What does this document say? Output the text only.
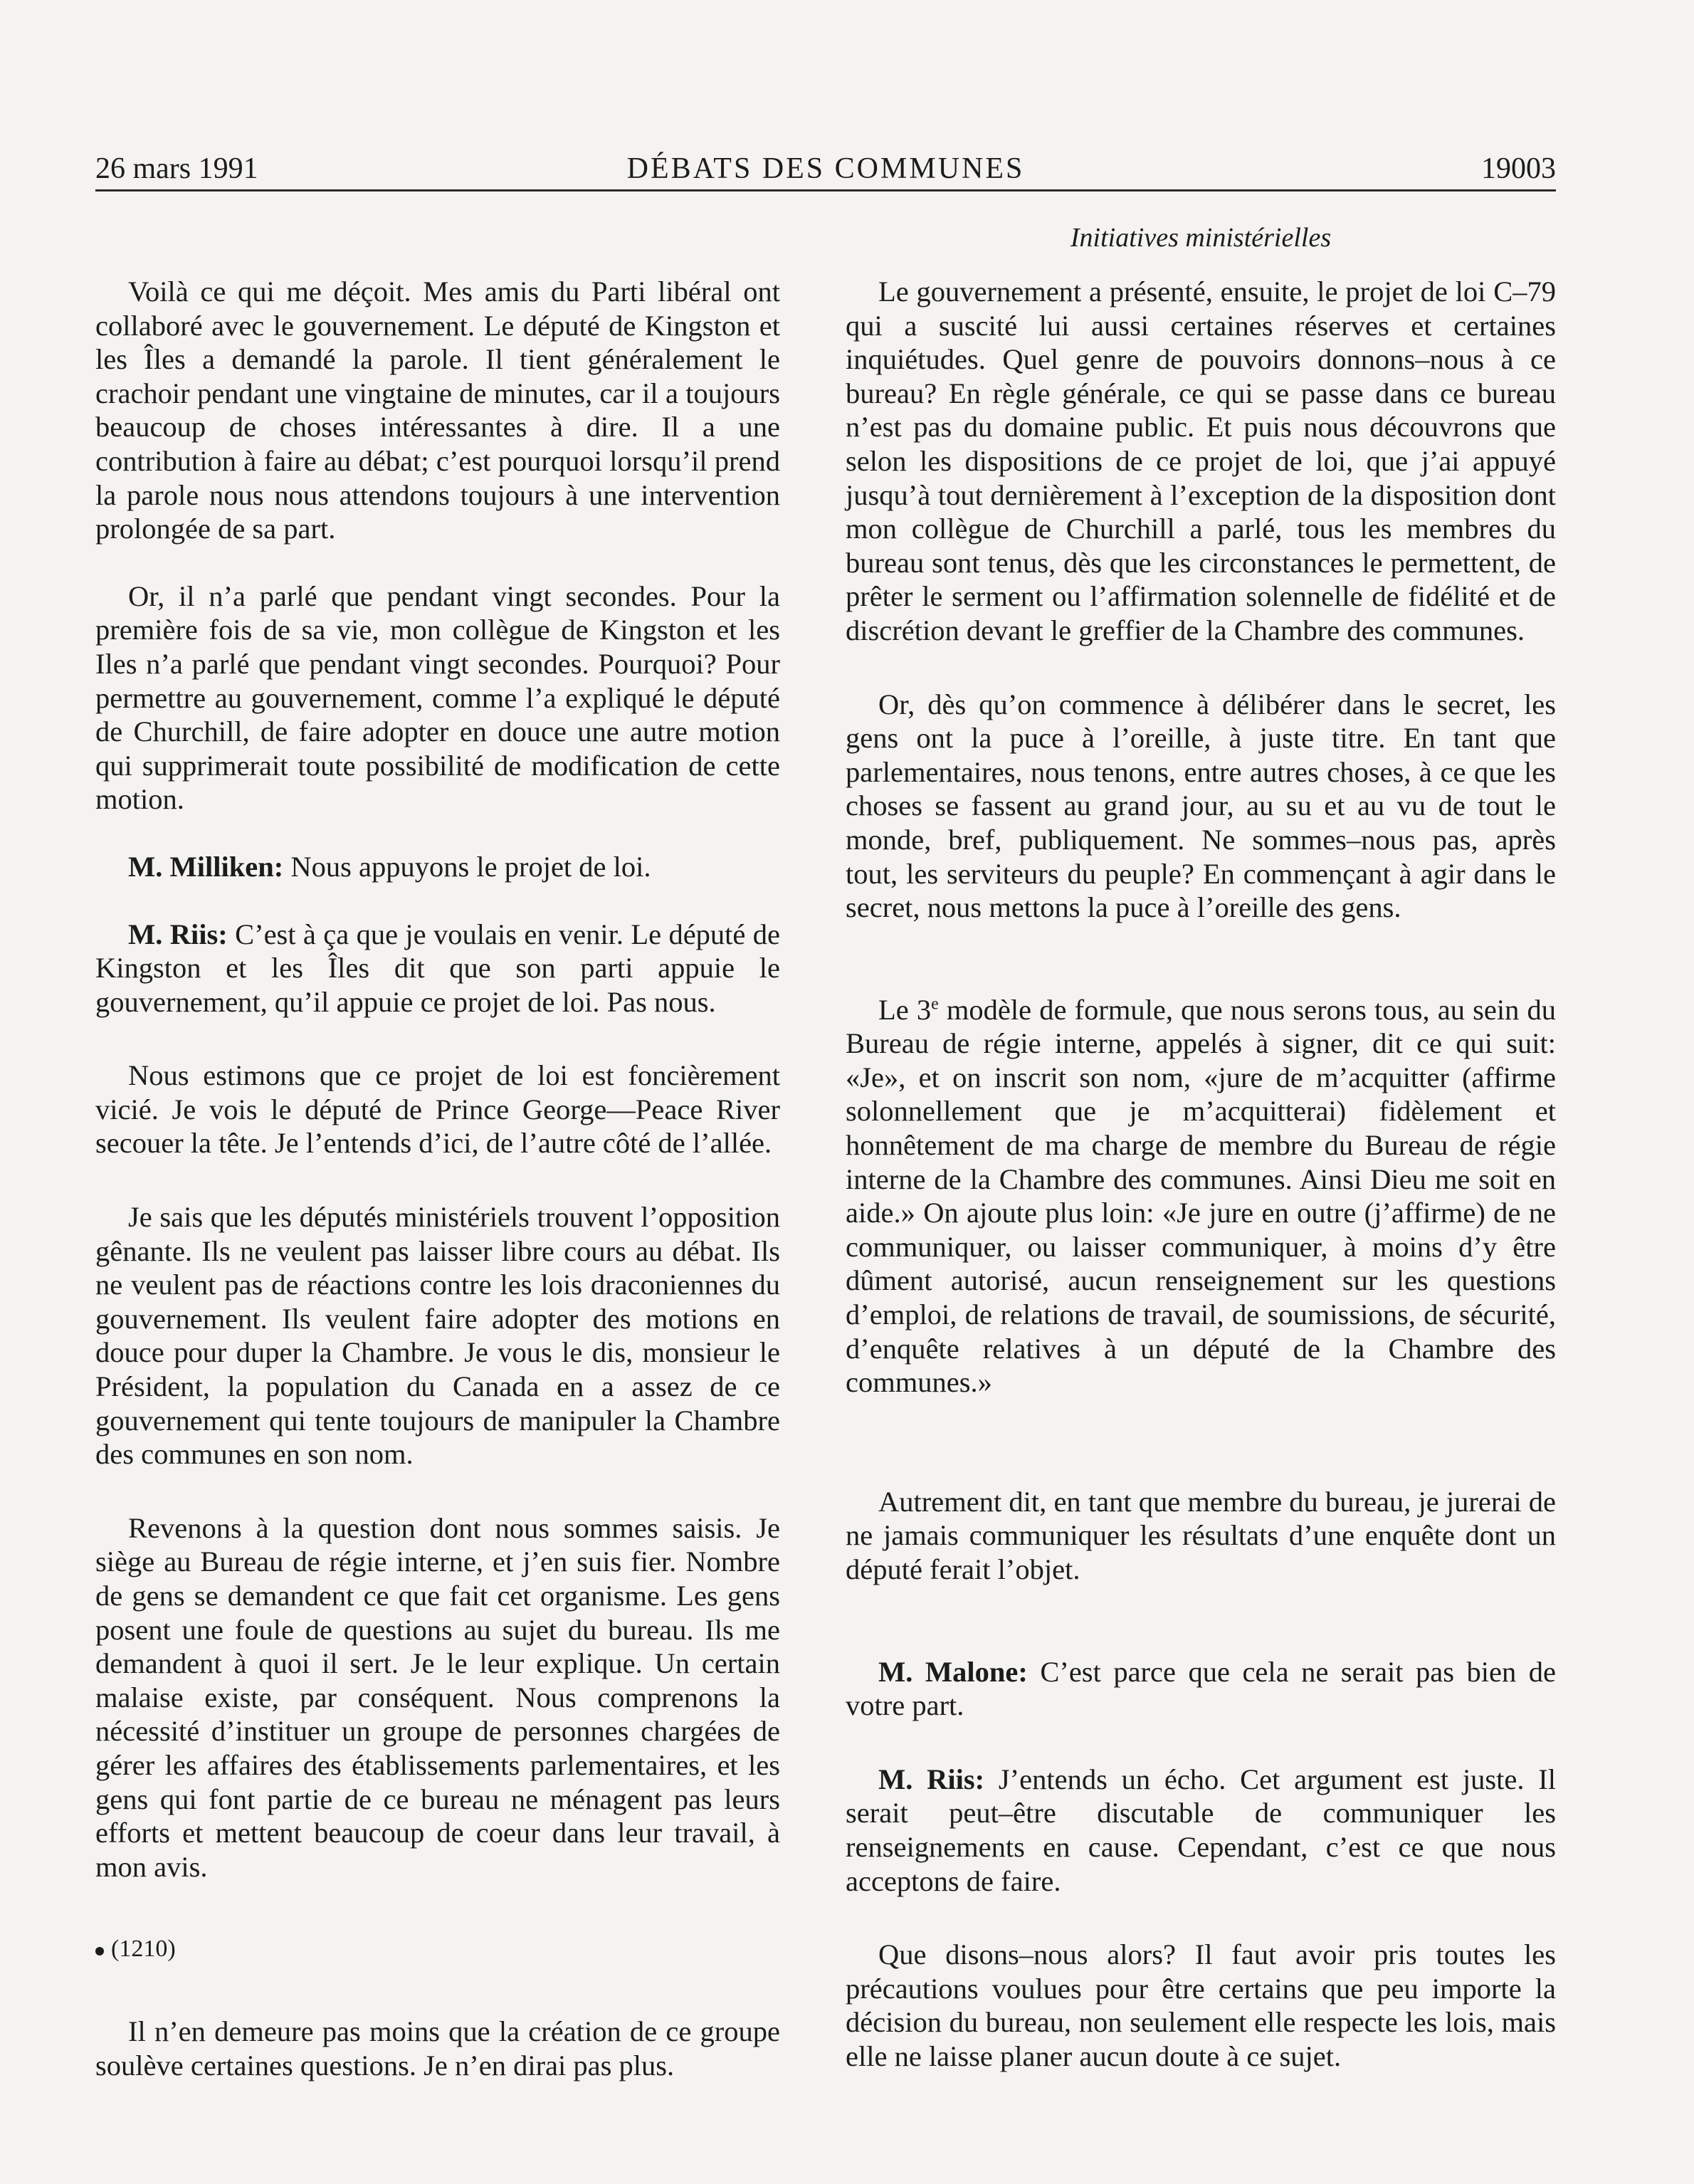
26 mars 1991	DÉBATS DES COMMUNES	19003
Initiatives ministérielles

Voilà ce qui me déçoit. Mes amis du Parti libéral ont collaboré avec le gouvernement. Le député de Kingston et les Îles a demandé la parole. Il tient généralement le crachoir pendant une vingtaine de minutes, car il a toujours beaucoup de choses intéressantes à dire. Il a une contribution à faire au débat; c’est pourquoi lorsqu’il prend la parole nous nous attendons toujours à une intervention prolongée de sa part.

Or, il n’a parlé que pendant vingt secondes. Pour la première fois de sa vie, mon collègue de Kingston et les Iles n’a parlé que pendant vingt secondes. Pourquoi? Pour permettre au gouvernement, comme l’a expliqué le député de Churchill, de faire adopter en douce une autre motion qui supprimerait toute possibilité de modification de cette motion.

M. Milliken: Nous appuyons le projet de loi.

M. Riis: C’est à ça que je voulais en venir. Le député de Kingston et les Îles dit que son parti appuie le gouvernement, qu’il appuie ce projet de loi. Pas nous.

Nous estimons que ce projet de loi est foncièrement vicié. Je vois le député de Prince George—Peace River secouer la tête. Je l’entends d’ici, de l’autre côté de l’allée.

Je sais que les députés ministériels trouvent l’opposition gênante. Ils ne veulent pas laisser libre cours au débat. Ils ne veulent pas de réactions contre les lois draconiennes du gouvernement. Ils veulent faire adopter des motions en douce pour duper la Chambre. Je vous le dis, monsieur le Président, la population du Canada en a assez de ce gouvernement qui tente toujours de manipuler la Chambre des communes en son nom.

Revenons à la question dont nous sommes saisis. Je siège au Bureau de régie interne, et j’en suis fier. Nombre de gens se demandent ce que fait cet organisme. Les gens posent une foule de questions au sujet du bureau. Ils me demandent à quoi il sert. Je le leur explique. Un certain malaise existe, par conséquent. Nous comprenons la nécessité d’instituer un groupe de personnes chargées de gérer les affaires des établissements parlementaires, et les gens qui font partie de ce bureau ne ménagent pas leurs efforts et mettent beaucoup de coeur dans leur travail, à mon avis.

(1210)

Il n’en demeure pas moins que la création de ce groupe soulève certaines questions. Je n’en dirai pas plus.

Le gouvernement a présenté, ensuite, le projet de loi C–79 qui a suscité lui aussi certaines réserves et certaines inquiétudes. Quel genre de pouvoirs donnons–nous à ce bureau? En règle générale, ce qui se passe dans ce bureau n’est pas du domaine public. Et puis nous découvrons que selon les dispositions de ce projet de loi, que j’ai appuyé jusqu’à tout dernièrement à l’exception de la disposition dont mon collègue de Churchill a parlé, tous les membres du bureau sont tenus, dès que les circonstances le permettent, de prêter le serment ou l’affirmation solennelle de fidélité et de discrétion devant le greffier de la Chambre des communes.

Or, dès qu’on commence à délibérer dans le secret, les gens ont la puce à l’oreille, à juste titre. En tant que parlementaires, nous tenons, entre autres choses, à ce que les choses se fassent au grand jour, au su et au vu de tout le monde, bref, publiquement. Ne sommes–nous pas, après tout, les serviteurs du peuple? En commençant à agir dans le secret, nous mettons la puce à l’oreille des gens.

Le 3e modèle de formule, que nous serons tous, au sein du Bureau de régie interne, appelés à signer, dit ce qui suit: «Je», et on inscrit son nom, «jure de m’acquitter (affirme solonnellement que je m’acquitterai) fidèlement et honnêtement de ma charge de membre du Bureau de régie interne de la Chambre des communes. Ainsi Dieu me soit en aide.» On ajoute plus loin: «Je jure en outre (j’affirme) de ne communiquer, ou laisser communiquer, à moins d’y être dûment autorisé, aucun renseignement sur les questions d’emploi, de relations de travail, de soumissions, de sécurité, d’enquête relatives à un député de la Chambre des communes.»

Autrement dit, en tant que membre du bureau, je jurerai de ne jamais communiquer les résultats d’une enquête dont un député ferait l’objet.

M. Malone: C’est parce que cela ne serait pas bien de votre part.

M. Riis: J’entends un écho. Cet argument est juste. Il serait peut–être discutable de communiquer les renseignements en cause. Cependant, c’est ce que nous acceptons de faire.

Que disons–nous alors? Il faut avoir pris toutes les précautions voulues pour être certains que peu importe la décision du bureau, non seulement elle respecte les lois, mais elle ne laisse planer aucun doute à ce sujet.
